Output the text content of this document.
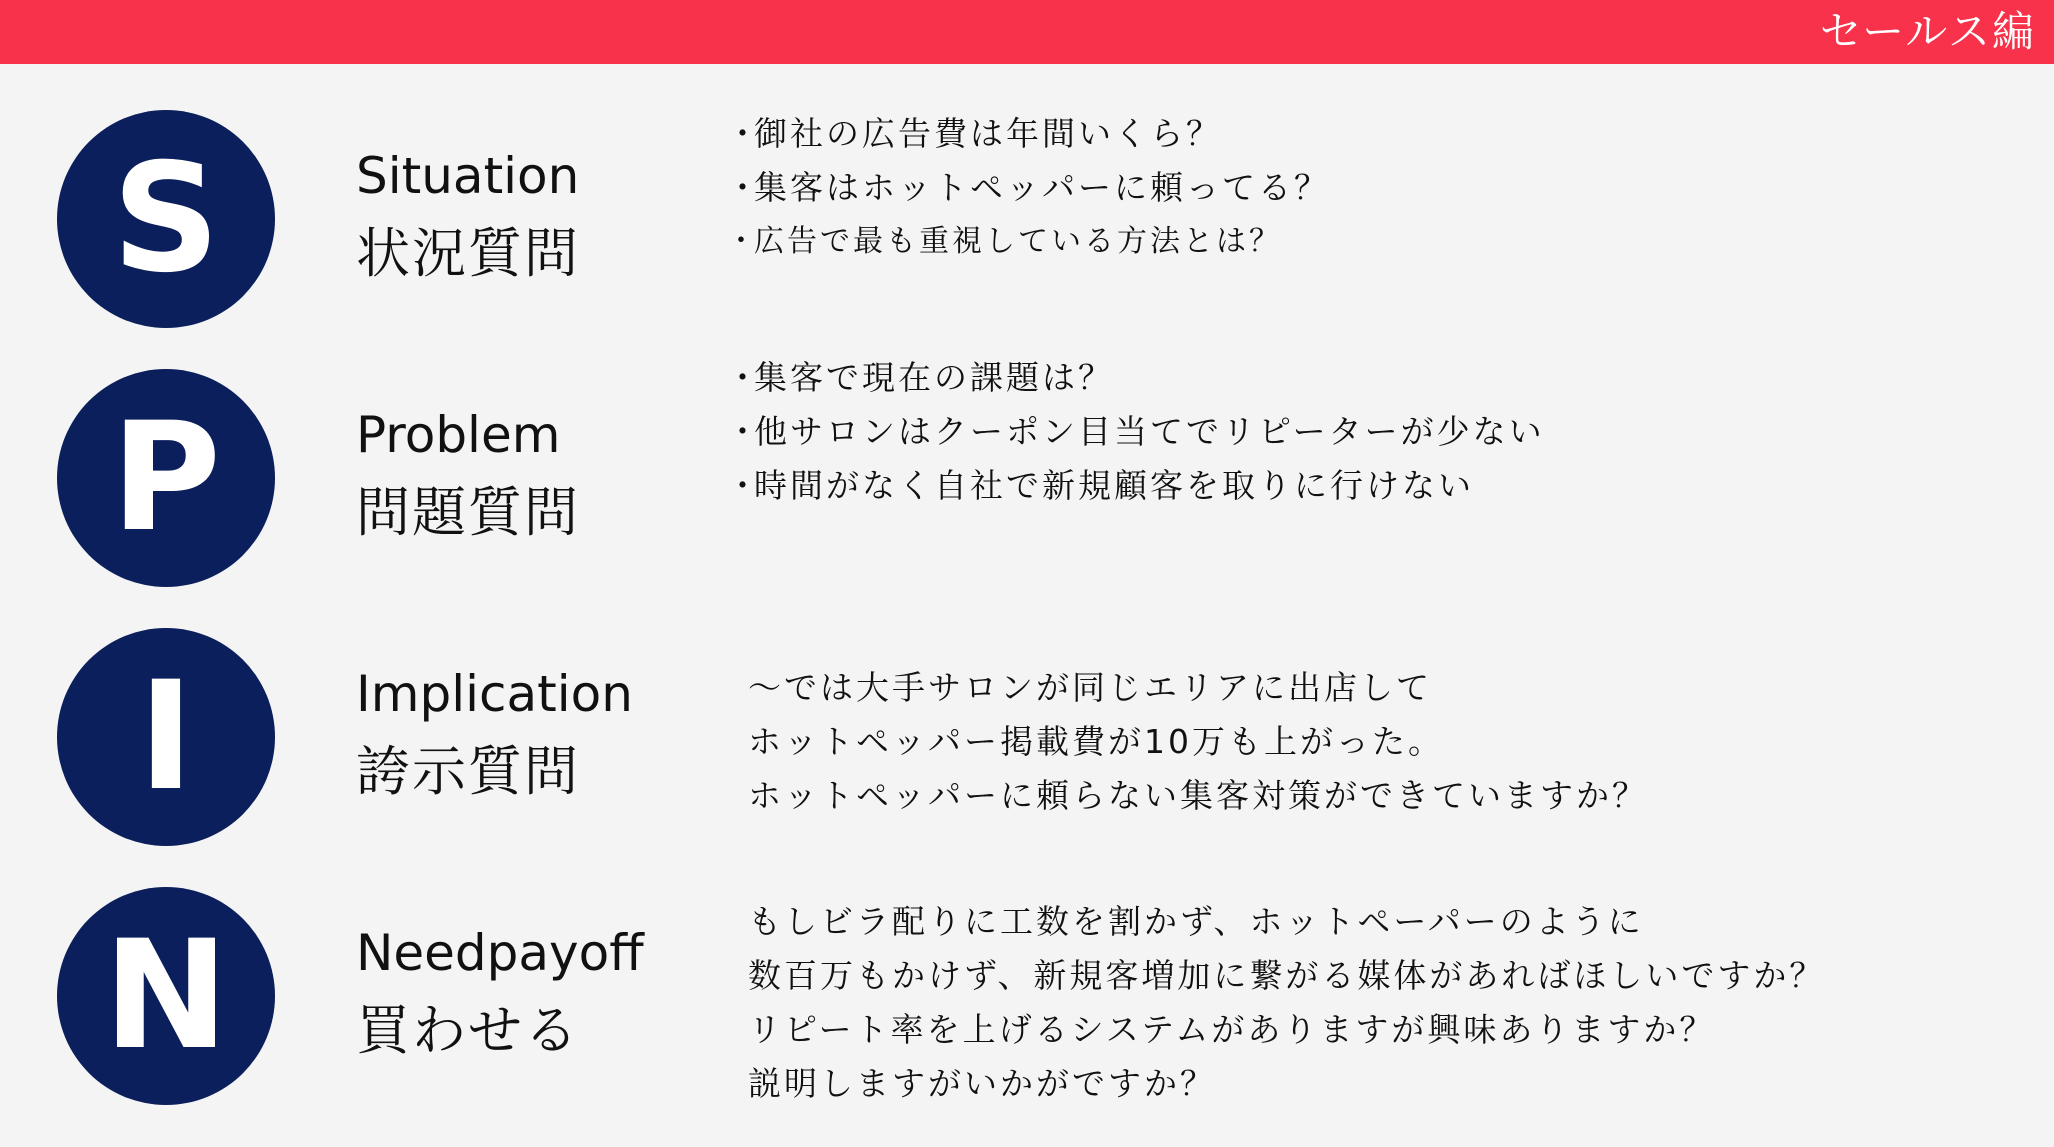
セールス編
S	Situation
状況質問
・ 御社の広告費は年間いくら？
・ 集客はホットペッパーに頼ってる？
・ 広告で最も重視している方法とは？
P	Problem
問題質問
・ 集客で現在の課題は？
・ 他サロンはクーポン目当てでリピーターが少ない
・ 時間がなく自社で新規顧客を取りに行けない
I	Implication
誇示質問
〜では大手サロンが同じエリアに出店して
ホットペッパー掲載費が10万も上がった。
ホットペッパーに頼らない集客対策ができていますか？
N	Needpayoff
買わせる
もしビラ配りに工数を割かず、ホットペーパーのように
数百万もかけず、新規客増加に繋がる媒体があればほしいですか？
リピート率を上げるシステムがありますが興味ありますか？
説明しますがいかがですか？
